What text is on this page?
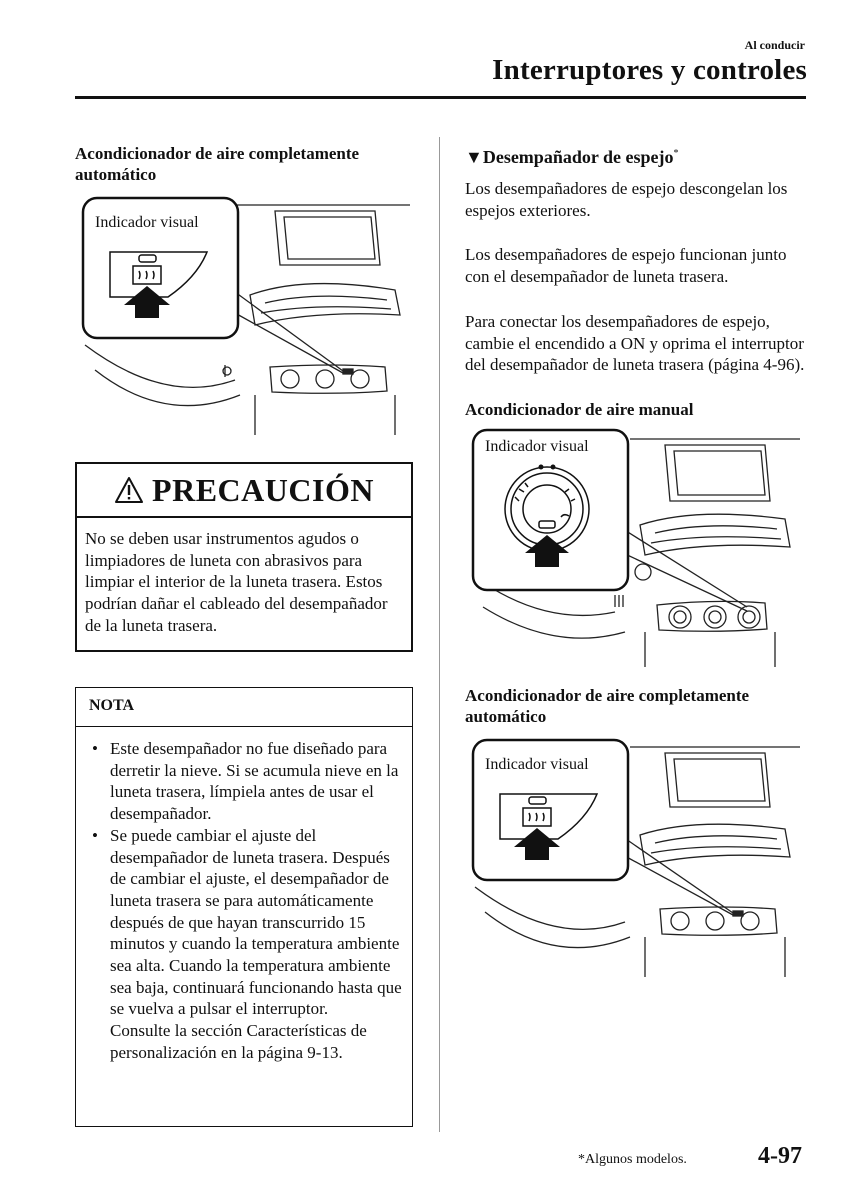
Al conducir
Interruptores y controles
Acondicionador de aire completamente automático
Indicador visual
PRECAUCIÓN
No se deben usar instrumentos agudos o limpiadores de luneta con abrasivos para limpiar el interior de la luneta trasera. Estos podrían dañar el cableado del desempañador de la luneta trasera.
NOTA
• Este desempañador no fue diseñado para derretir la nieve. Si se acumula nieve en la luneta trasera, límpiela antes de usar el desempañador.
• Se puede cambiar el ajuste del desempañador de luneta trasera. Después de cambiar el ajuste, el desempañador de luneta trasera se para automáticamente después de que hayan transcurrido 15 minutos y cuando la temperatura ambiente sea alta. Cuando la temperatura ambiente sea baja, continuará funcionando hasta que se vuelva a pulsar el interruptor.
Consulte la sección Características de personalización en la página 9-13.
▼Desempañador de espejo*
Los desempañadores de espejo descongelan los espejos exteriores.
Los desempañadores de espejo funcionan junto con el desempañador de luneta trasera.
Para conectar los desempañadores de espejo, cambie el encendido a ON y oprima el interruptor del desempañador de luneta trasera (página 4-96).
Acondicionador de aire manual
Indicador visual
Acondicionador de aire completamente automático
Indicador visual
*Algunos modelos.	4-97
